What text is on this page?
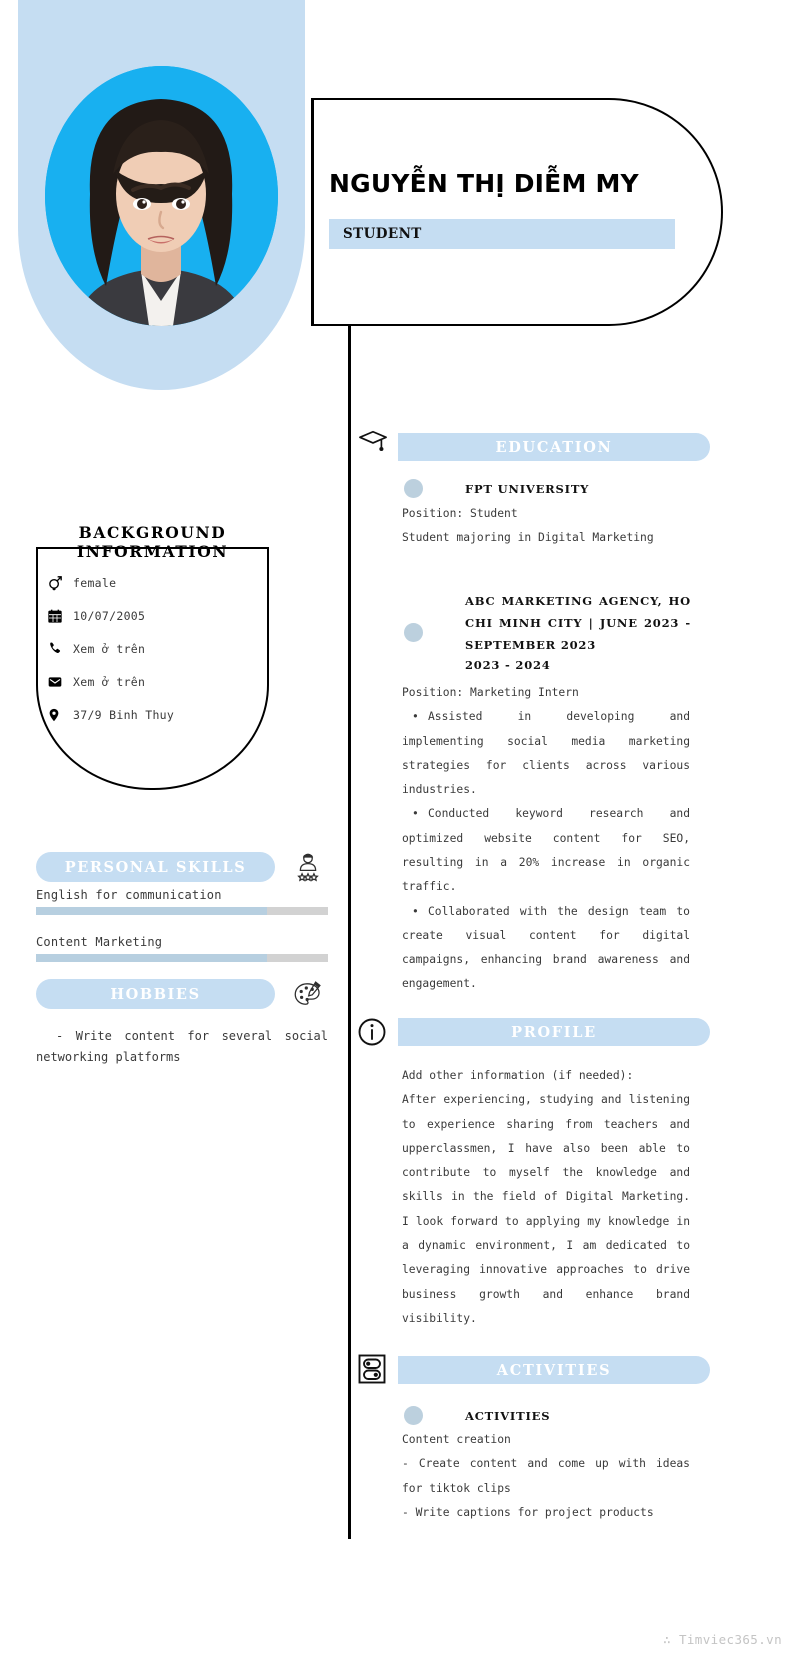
NGUYỄN THỊ DIỄM MY
STUDENT
BACKGROUND INFORMATION
female
10/07/2005
Xem ở trên
Xem ở trên
37/9 Binh Thuy
PERSONAL SKILLS
English for communication
Content Marketing
HOBBIES
- Write content for several social networking platforms
EDUCATION
FPT UNIVERSITY

Position: Student

Student majoring in Digital Marketing

ABC MARKETING AGENCY, HO CHI MINH CITY | JUNE 2023 - SEPTEMBER 2023
2023 - 2024

Position: Marketing Intern

• Assisted in developing and implementing social media marketing strategies for clients across various industries.

• Conducted keyword research and optimized website content for SEO, resulting in a 20% increase in organic traffic.

• Collaborated with the design team to create visual content for digital campaigns, enhancing brand awareness and engagement.

PROFILE

Add other information (if needed):

After experiencing, studying and listening to experience sharing from teachers and upperclassmen, I have also been able to contribute to myself the knowledge and skills in the field of Digital Marketing. I look forward to applying my knowledge in a dynamic environment, I am dedicated to leveraging innovative approaches to drive business growth and enhance brand visibility.

ACTIVITIES
ACTIVITIES

Content creation

- Create content and come up with ideas for tiktok clips

- Write captions for project products

∴ Timviec365.vn
